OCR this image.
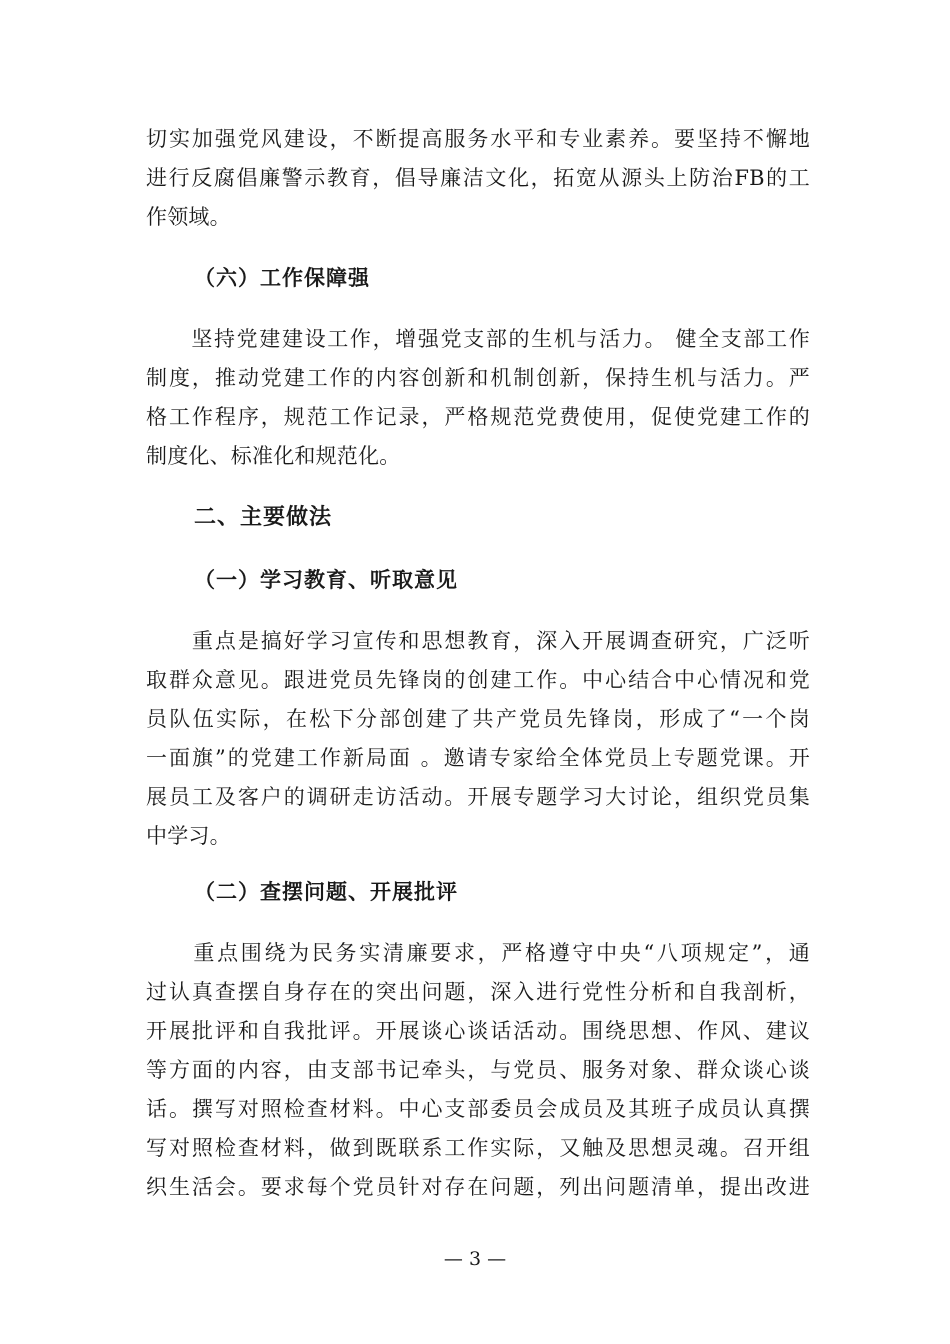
切实加强党风建设，不断提高服务水平和专业素养。要坚持不懈地
进行反腐倡廉警示教育，倡导廉洁文化，拓宽从源头上防治FB的工
作领域。
（六）工作保障强
　　坚持党建建设工作，增强党支部的生机与活力。 健全支部工作
制度，推动党建工作的内容创新和机制创新，保持生机与活力。严
格工作程序，规范工作记录，严格规范党费使用，促使党建工作的
制度化、标准化和规范化。
二、主要做法
（一）学习教育、听取意见
　　重点是搞好学习宣传和思想教育，深入开展调查研究，广泛听
取群众意见。跟进党员先锋岗的创建工作。中心结合中心情况和党
员队伍实际，在松下分部创建了共产党员先锋岗，形成了“一个岗
一面旗”的党建工作新局面 。邀请专家给全体党员上专题党课。开
展员工及客户的调研走访活动。开展专题学习大讨论，组织党员集
中学习。
（二）查摆问题、开展批评
　　重点围绕为民务实清廉要求，严格遵守中央“八项规定”，通
过认真查摆自身存在的突出问题，深入进行党性分析和自我剖析，
开展批评和自我批评。开展谈心谈话活动。围绕思想、作风、建议
等方面的内容，由支部书记牵头，与党员、服务对象、群众谈心谈
话。撰写对照检查材料。中心支部委员会成员及其班子成员认真撰
写对照检查材料，做到既联系工作实际，又触及思想灵魂。召开组
织生活会。要求每个党员针对存在问题，列出问题清单，提出改进
— 3 —
